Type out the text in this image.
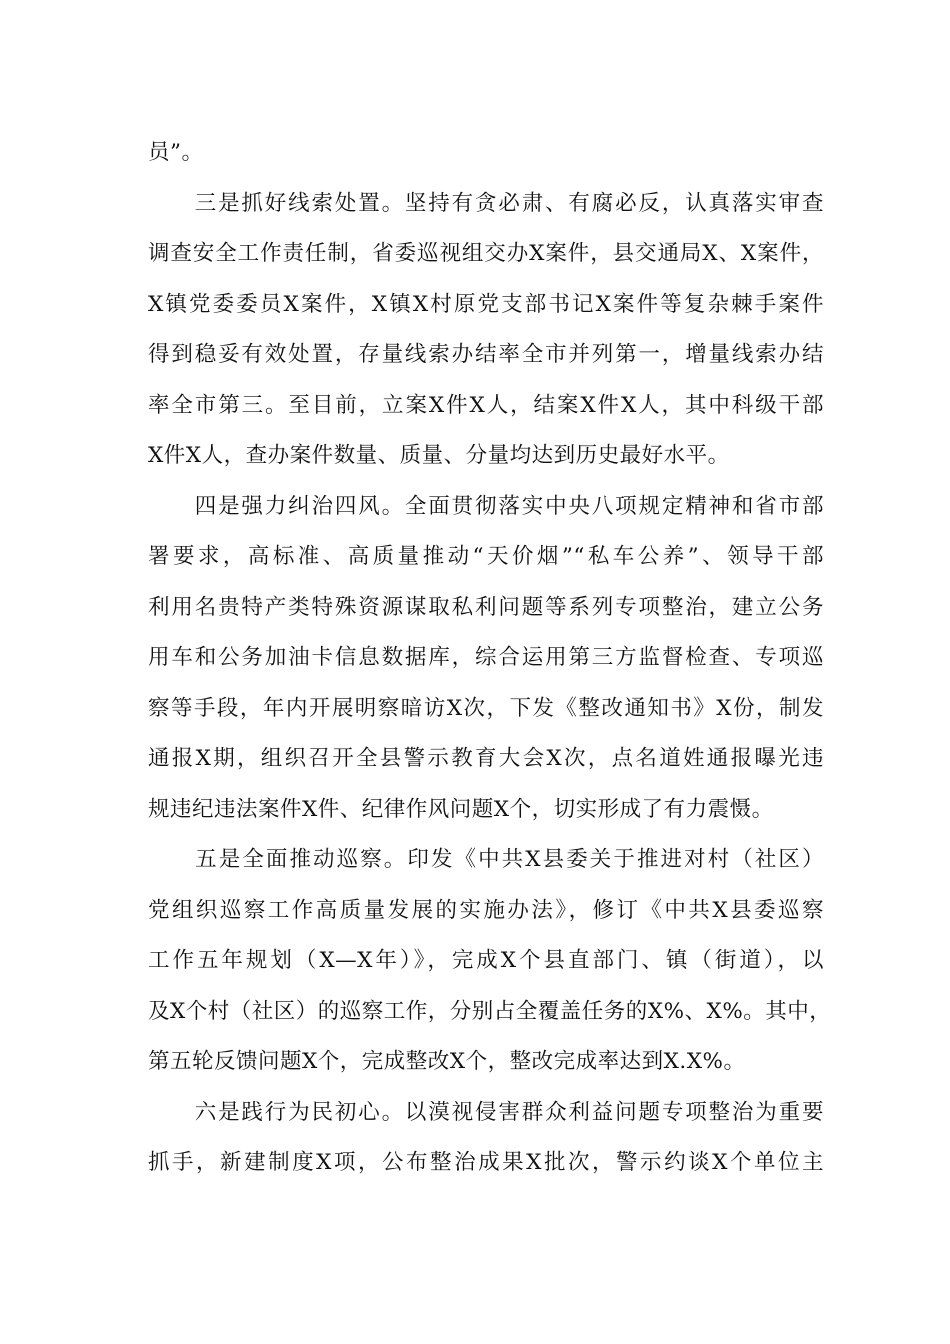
员”。
　　三是抓好线索处置。坚持有贪必肃、有腐必反，认真落实审查
调查安全工作责任制，省委巡视组交办X案件，县交通局X、X案件，
X镇党委委员X案件，X镇X村原党支部书记X案件等复杂棘手案件
得到稳妥有效处置，存量线索办结率全市并列第一，增量线索办结
率全市第三。至目前，立案X件X人，结案X件X人，其中科级干部
X件X人，查办案件数量、质量、分量均达到历史最好水平。
　　四是强力纠治四风。全面贯彻落实中央八项规定精神和省市部
署要求，高标准、高质量推动“天价烟”“私车公养”、领导干部
利用名贵特产类特殊资源谋取私利问题等系列专项整治，建立公务
用车和公务加油卡信息数据库，综合运用第三方监督检查、专项巡
察等手段，年内开展明察暗访X次，下发《整改通知书》X份，制发
通报X期，组织召开全县警示教育大会X次，点名道姓通报曝光违
规违纪违法案件X件、纪律作风问题X个，切实形成了有力震慑。
　　五是全面推动巡察。印发《中共X县委关于推进对村（社区）
党组织巡察工作高质量发展的实施办法》，修订《中共X县委巡察
工作五年规划（X—X年）》，完成X个县直部门、镇（街道），以
及X个村（社区）的巡察工作，分别占全覆盖任务的X%、X%。其中，
第五轮反馈问题X个，完成整改X个，整改完成率达到X.X%。
　　六是践行为民初心。以漠视侵害群众利益问题专项整治为重要
抓手，新建制度X项，公布整治成果X批次，警示约谈X个单位主
